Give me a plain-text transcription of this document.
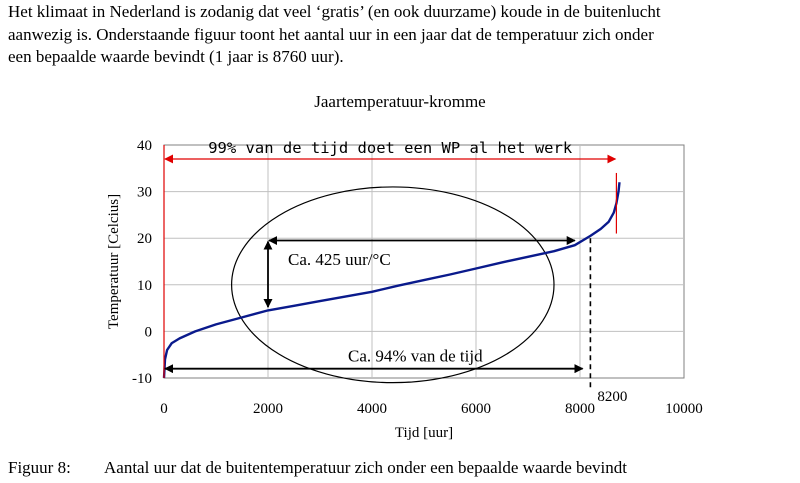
Het klimaat in Nederland is zodanig dat veel ‘gratis’ (en ook duurzame) koude in de buitenlucht
aanwezig is. Onderstaande figuur toont het aantal uur in een jaar dat de temperatuur zich onder
een bepaalde waarde bevindt (1 jaar is 8760 uur).

Jaartemperatuur-kromme

0	2000	4000	6000	8000	10000
-10
0
10
20
30
40
Tijd [uur]
Temperatuur [Celcius]
99% van de tijd doet een WP al het werk
Ca. 425 uur/°C
Ca. 94% van de tijd
8200

Figuur 8: Aantal uur dat de buitentemperatuur zich onder een bepaalde waarde bevindt
